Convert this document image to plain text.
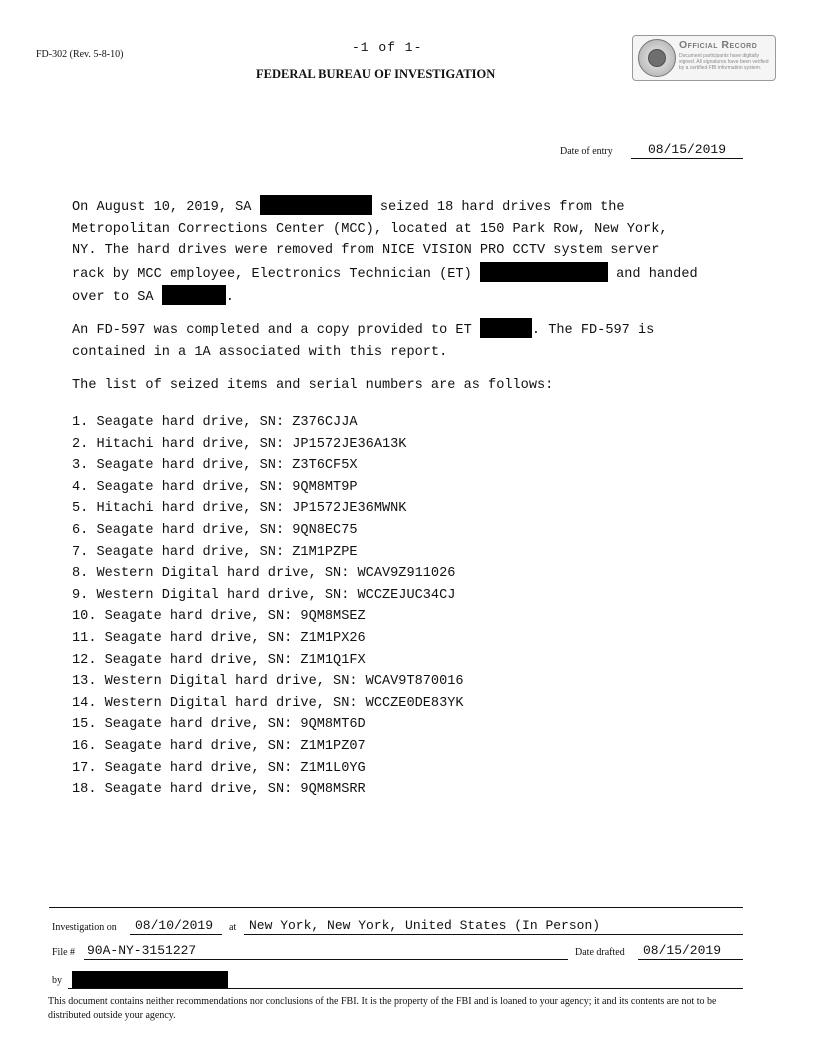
FD-302 (Rev. 5-8-10)	-1 of 1-
FEDERAL BUREAU OF INVESTIGATION
Official Record
Document participants have digitally signed. All signatures have been verified by a certified FBI information system.
Date of entry	08/15/2019
On August 10, 2019, SA	seized 18 hard drives from the
Metropolitan Corrections Center (MCC), located at 150 Park Row, New York,
NY. The hard drives were removed from NICE VISION PRO CCTV system server
rack by MCC employee, Electronics Technician (ET)	and handed
over to SA	.
An FD-597 was completed and a copy provided to ET	. The FD-597 is
contained in a 1A associated with this report.
The list of seized items and serial numbers are as follows:
1. Seagate hard drive, SN: Z376CJJA
2. Hitachi hard drive, SN: JP1572JE36A13K
3. Seagate hard drive, SN: Z3T6CF5X
4. Seagate hard drive, SN: 9QM8MT9P
5. Hitachi hard drive, SN: JP1572JE36MWNK
6. Seagate hard drive, SN: 9QN8EC75
7. Seagate hard drive, SN: Z1M1PZPE
8. Western Digital hard drive, SN: WCAV9Z911026
9. Western Digital hard drive, SN: WCCZEJUC34CJ
10. Seagate hard drive, SN: 9QM8MSEZ
11. Seagate hard drive, SN: Z1M1PX26
12. Seagate hard drive, SN: Z1M1Q1FX
13. Western Digital hard drive, SN: WCAV9T870016
14. Western Digital hard drive, SN: WCCZE0DE83YK
15. Seagate hard drive, SN: 9QM8MT6D
16. Seagate hard drive, SN: Z1M1PZ07
17. Seagate hard drive, SN: Z1M1L0YG
18. Seagate hard drive, SN: 9QM8MSRR
Investigation on 08/10/2019 at New York, New York, United States (In Person)
File # 90A-NY-3151227	Date drafted 08/15/2019
by
This document contains neither recommendations nor conclusions of the FBI. It is the property of the FBI and is loaned to your agency; it and its contents are not to be distributed outside your agency.
